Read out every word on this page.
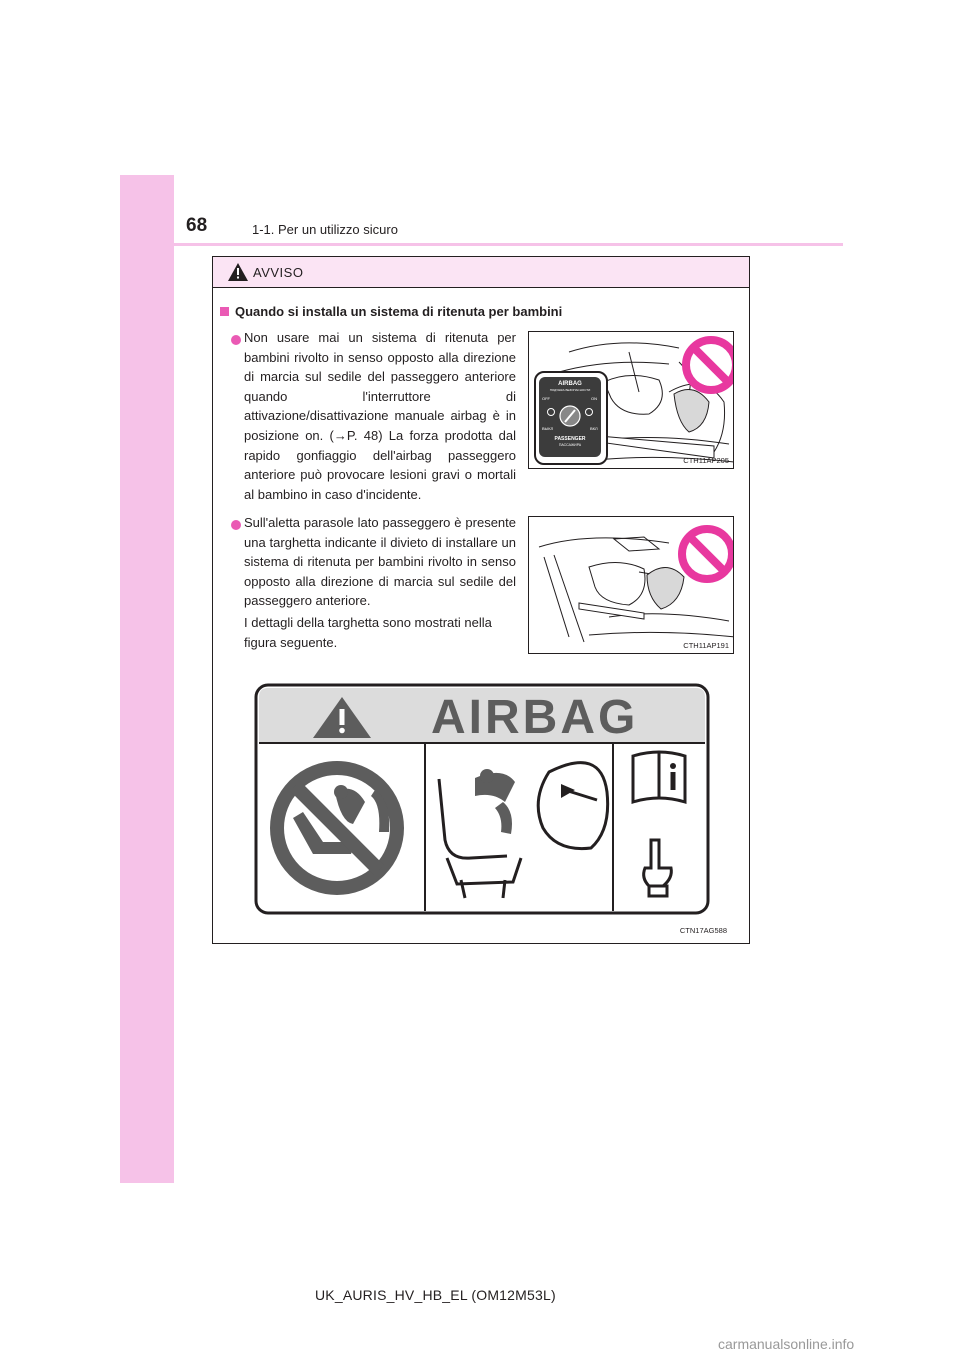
68	1-1. Per un utilizzo sicuro
AVVISO
Quando si installa un sistema di ritenuta per bambini

Non usare mai un sistema di ritenuta per bambini rivolto in senso opposto alla direzione di marcia sul sedile del passeggero anteriore quando l'interruttore di attivazione/disattivazione manuale airbag è in posizione on. (→P. 48) La forza prodotta dal rapido gonfiaggio dell'airbag passeggero anteriore può provocare lesioni gravi o mortali al bambino in caso d'incidente.

AIRBAG
ПОДУШКА БЕЗОПАСНОСТИ
OFF	ON
ВЫКЛ	ВКЛ
PASSENGER
ПАССАЖИРА
CTH11AP205

Sull'aletta parasole lato passeggero è presente una targhetta indicante il divieto di installare un sistema di ritenuta per bambini rivolto in senso opposto alla direzione di marcia sul sedile del passeggero anteriore.

I dettagli della targhetta sono mostrati nella figura seguente.	CTH11AP191
AIRBAG
CTN17AG588
UK_AURIS_HV_HB_EL (OM12M53L)
carmanualsonline.info
